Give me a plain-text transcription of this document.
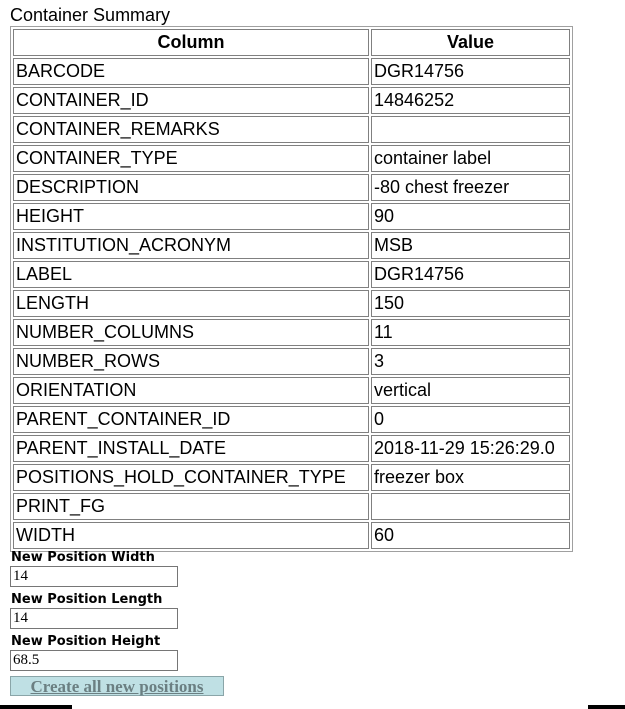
Container Summary
Column	Value
BARCODE	DGR14756
CONTAINER_ID	14846252
CONTAINER_REMARKS	
CONTAINER_TYPE	container label
DESCRIPTION	-80 chest freezer
HEIGHT	90
INSTITUTION_ACRONYM	MSB
LABEL	DGR14756
LENGTH	150
NUMBER_COLUMNS	11
NUMBER_ROWS	3
ORIENTATION	vertical
PARENT_CONTAINER_ID	0
PARENT_INSTALL_DATE	2018-11-29 15:26:29.0
POSITIONS_HOLD_CONTAINER_TYPE	freezer box
PRINT_FG	
WIDTH	60
New Position Width
14
New Position Length
14
New Position Height
68.5
Create all new positions
